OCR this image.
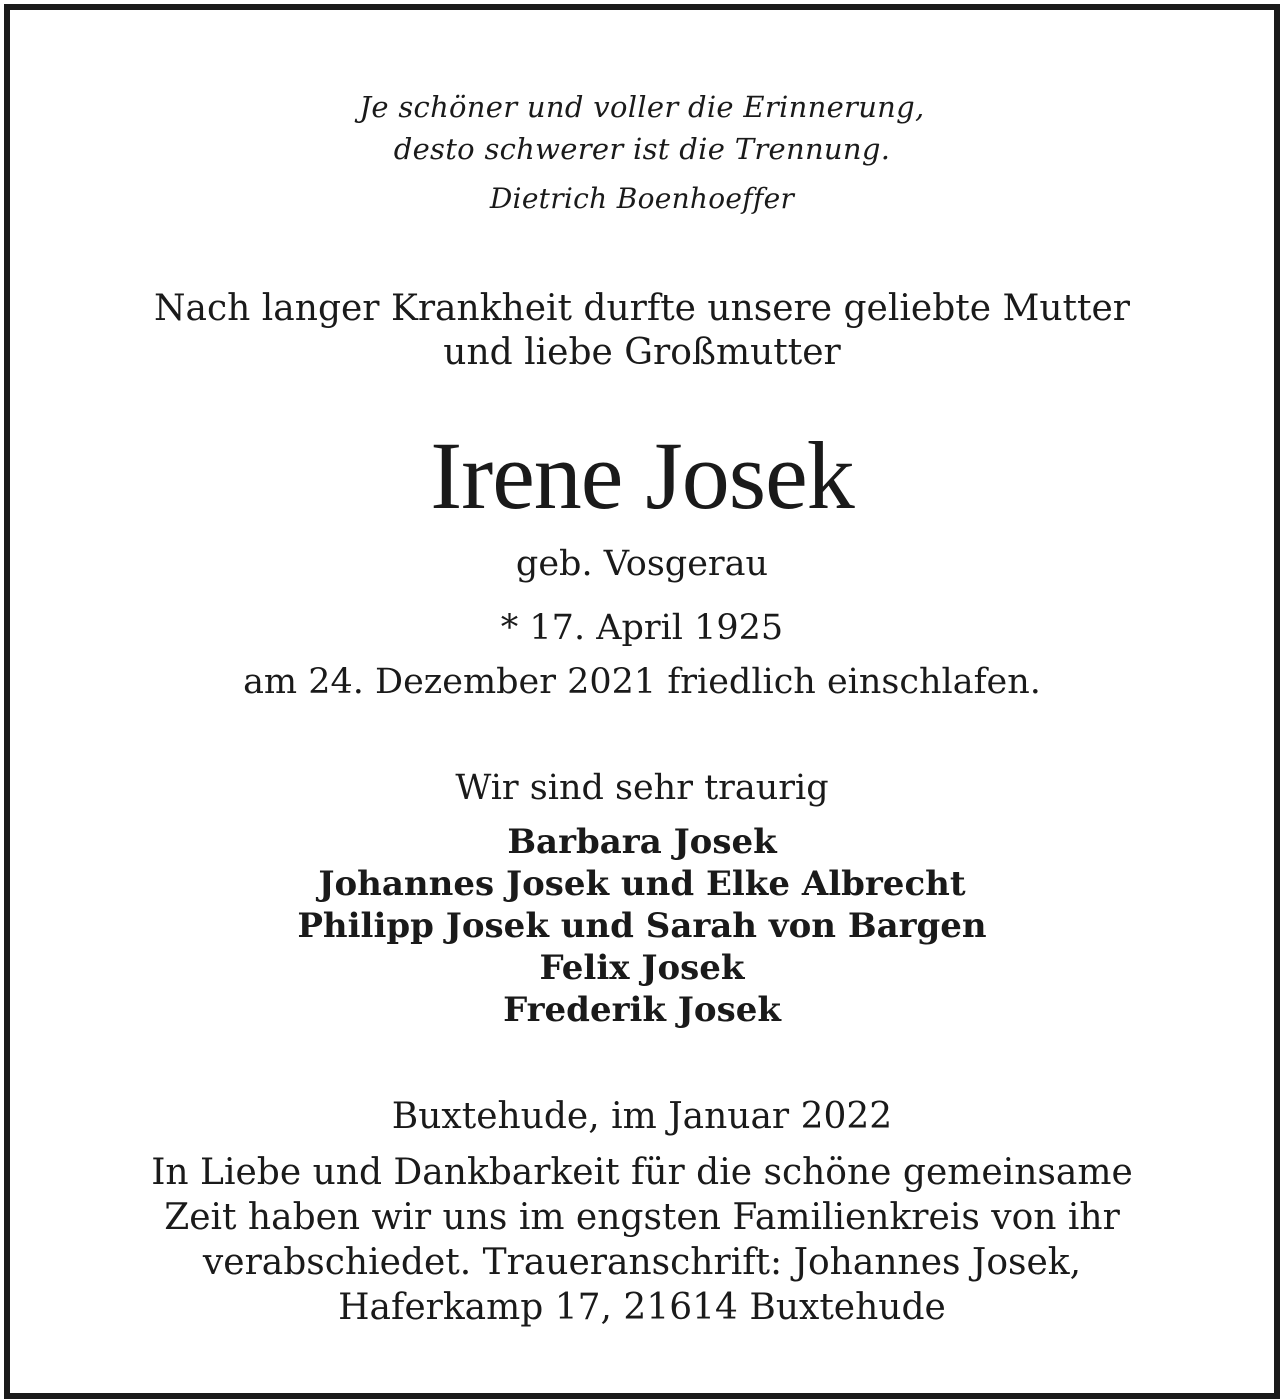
Je schöner und voller die Erinnerung,
desto schwerer ist die Trennung.
Dietrich Boenhoeffer
Nach langer Krankheit durfte unsere geliebte Mutter
und liebe Großmutter
Irene Josek
geb. Vosgerau
* 17. April 1925
am 24. Dezember 2021 friedlich einschlafen.
Wir sind sehr traurig
Barbara Josek
Johannes Josek und Elke Albrecht
Philipp Josek und Sarah von Bargen
Felix Josek
Frederik Josek
Buxtehude, im Januar 2022
In Liebe und Dankbarkeit für die schöne gemeinsame
Zeit haben wir uns im engsten Familienkreis von ihr
verabschiedet. Traueranschrift: Johannes Josek,
Haferkamp 17, 21614 Buxtehude
